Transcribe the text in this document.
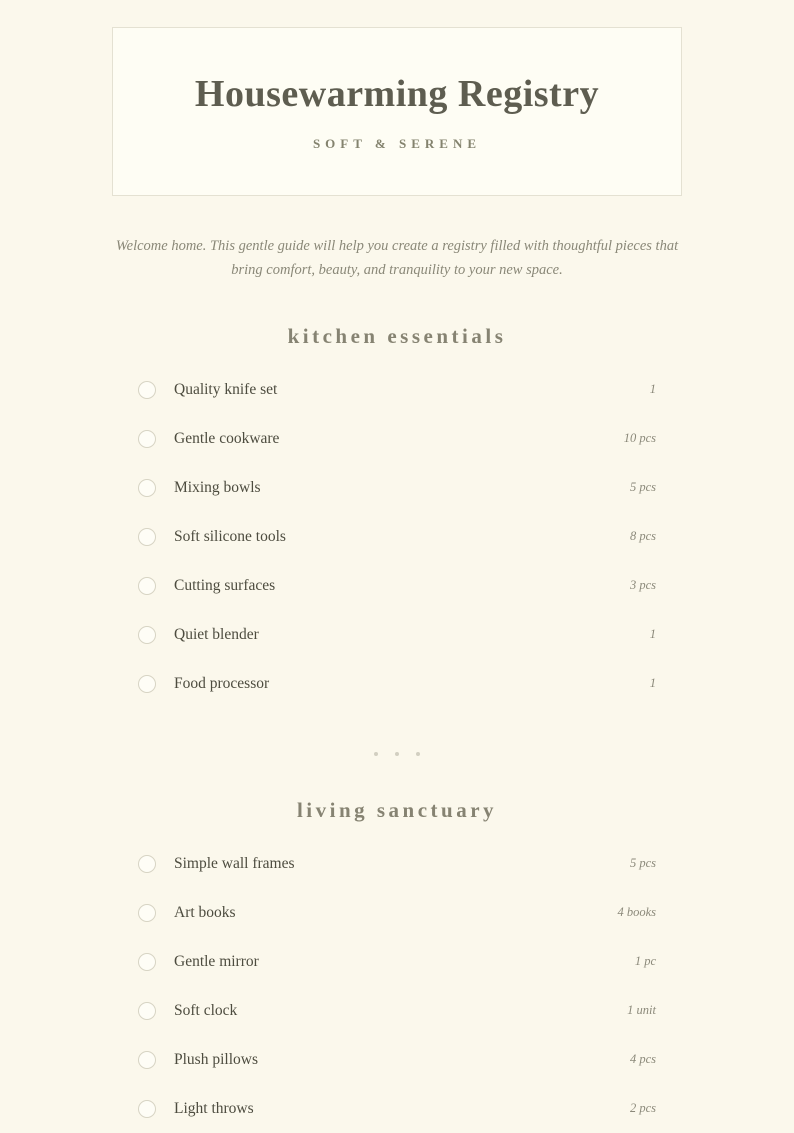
Housewarming Registry
SOFT & SERENE

Welcome home. This gentle guide will help you create a registry filled with thoughtful pieces that bring comfort, beauty, and tranquility to your new space.

kitchen essentials
Quality knife set	1
Gentle cookware	10 pcs
Mixing bowls	5 pcs
Soft silicone tools	8 pcs
Cutting surfaces	3 pcs
Quiet blender	1
Food processor	1
living sanctuary
Simple wall frames	5 pcs
Art books	4 books
Gentle mirror	1 pc
Soft clock	1 unit
Plush pillows	4 pcs
Light throws	2 pcs
